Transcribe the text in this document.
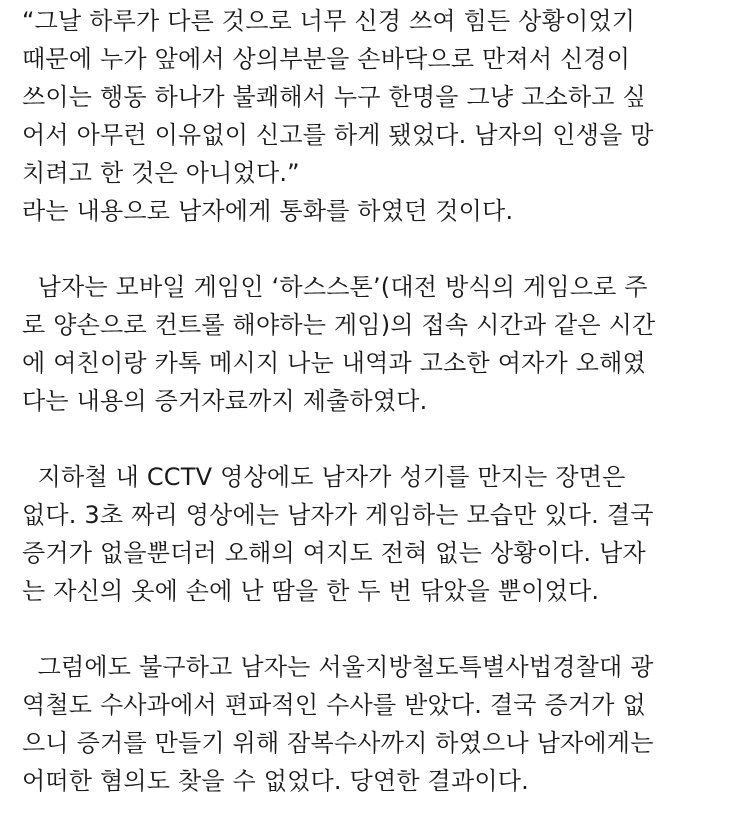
“그날 하루가 다른 것으로 너무 신경 쓰여 힘든 상황이었기
때문에 누가 앞에서 상의부분을 손바닥으로 만져서 신경이
쓰이는 행동 하나가 불쾌해서 누구 한명을 그냥 고소하고 싶
어서 아무런 이유없이 신고를 하게 됐었다. 남자의 인생을 망
치려고 한 것은 아니었다.”
라는 내용으로 남자에게 통화를 하였던 것이다.
남자는 모바일 게임인 ‘하스스톤’(대전 방식의 게임으로 주
로 양손으로 컨트롤 해야하는 게임)의 접속 시간과 같은 시간
에 여친이랑 카톡 메시지 나눈 내역과 고소한 여자가 오해였
다는 내용의 증거자료까지 제출하였다.
지하철 내 CCTV 영상에도 남자가 성기를 만지는 장면은
없다. 3초 짜리 영상에는 남자가 게임하는 모습만 있다. 결국
증거가 없을뿐더러 오해의 여지도 전혀 없는 상황이다. 남자
는 자신의 옷에 손에 난 땀을 한 두 번 닦았을 뿐이었다.
그럼에도 불구하고 남자는 서울지방철도특별사법경찰대 광
역철도 수사과에서 편파적인 수사를 받았다. 결국 증거가 없
으니 증거를 만들기 위해 잠복수사까지 하였으나 남자에게는
어떠한 혐의도 찾을 수 없었다. 당연한 결과이다.
